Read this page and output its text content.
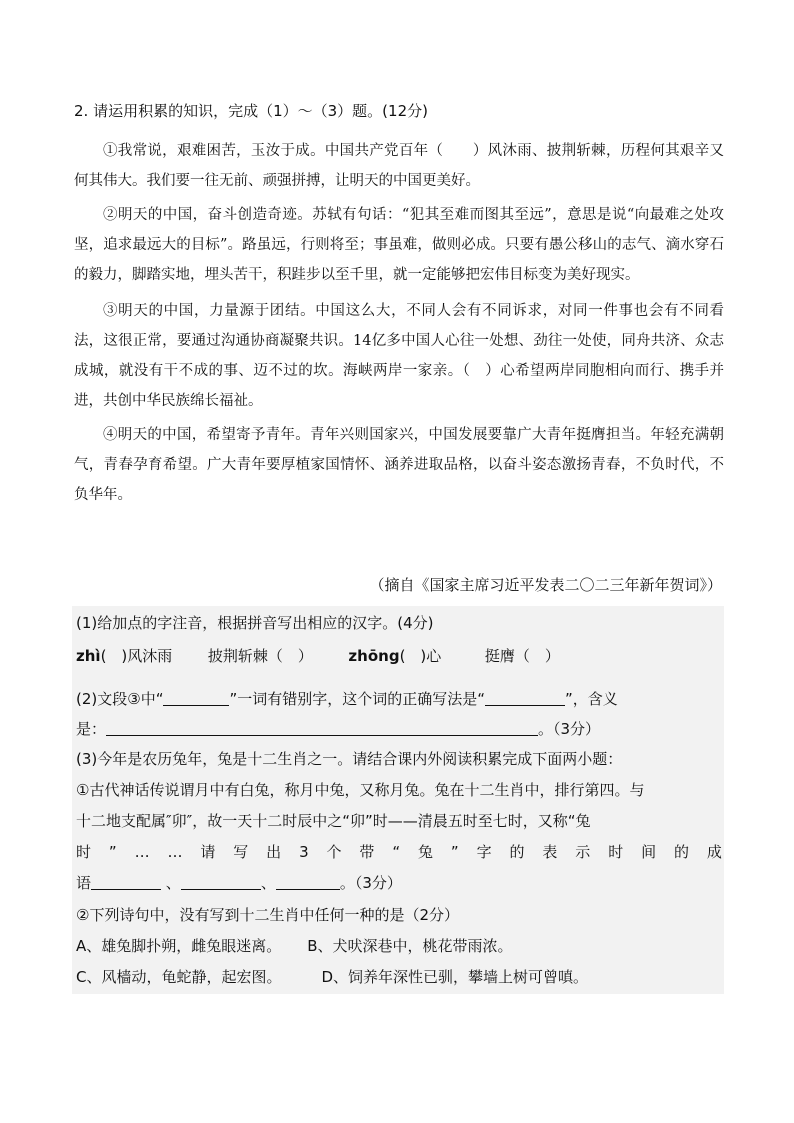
2. 请运用积累的知识，完成（1）～（3）题。(12分)

①我常说，艰难困苦，玉汝于成。中国共产党百年（　　）风沐雨、披荆斩棘，历程何其艰辛又何其伟大。我们要一往无前、顽强拼搏，让明天的中国更美好。

②明天的中国，奋斗创造奇迹。苏轼有句话：“犯其至难而图其至远”，意思是说“向最难之处攻坚，追求最远大的目标”。路虽远，行则将至；事虽难，做则必成。只要有愚公移山的志气、滴水穿石的毅力，脚踏实地，埋头苦干，积跬步以至千里，就一定能够把宏伟目标变为美好现实。

③明天的中国，力量源于团结。中国这么大，不同人会有不同诉求，对同一件事也会有不同看法，这很正常，要通过沟通协商凝聚共识。14亿多中国人心往一处想、劲往一处使，同舟共济、众志成城，就没有干不成的事、迈不过的坎。海峡两岸一家亲。（　）心希望两岸同胞相向而行、携手并进，共创中华民族绵长福祉。

④明天的中国，希望寄予青年。青年兴则国家兴，中国发展要靠广大青年挺膺担当。年轻充满朝气，青春孕育希望。广大青年要厚植家国情怀、涵养进取品格，以奋斗姿态激扬青春，不负时代，不负华年。

（摘自《国家主席习近平发表二〇二三年新年贺词》）
(1)给加点的字注音，根据拼音写出相应的汉字。(4分)
zhì(　)风沐雨 披荆斩棘（　） zhōng(　)心	挺膺（　）
(2)文段③中“	”一词有错别字，这个词的正确写法是“	”，含义
是：	。（3分）
(3)今年是农历兔年，兔是十二生肖之一。请结合课内外阅读积累完成下面两小题：
①古代神话传说谓月中有白兔，称月中兔，又称月兔。兔在十二生肖中，排行第四。与
十二地支配属″卯″，故一天十二时辰中之“卯”时——清晨五时至七时，又称“兔
时 ” … … 请 写 出 3 个 带 “ 兔 ” 字 的 表 示 时 间 的 成
语	、	、	。（3分）
②下列诗句中，没有写到十二生肖中任何一种的是（2分）
A、雄兔脚扑朔，雌兔眼迷离。 B、犬吠深巷中，桃花带雨浓。
C、风樯动，龟蛇静，起宏图。	D、饲养年深性已驯，攀墙上树可曾嗔。
